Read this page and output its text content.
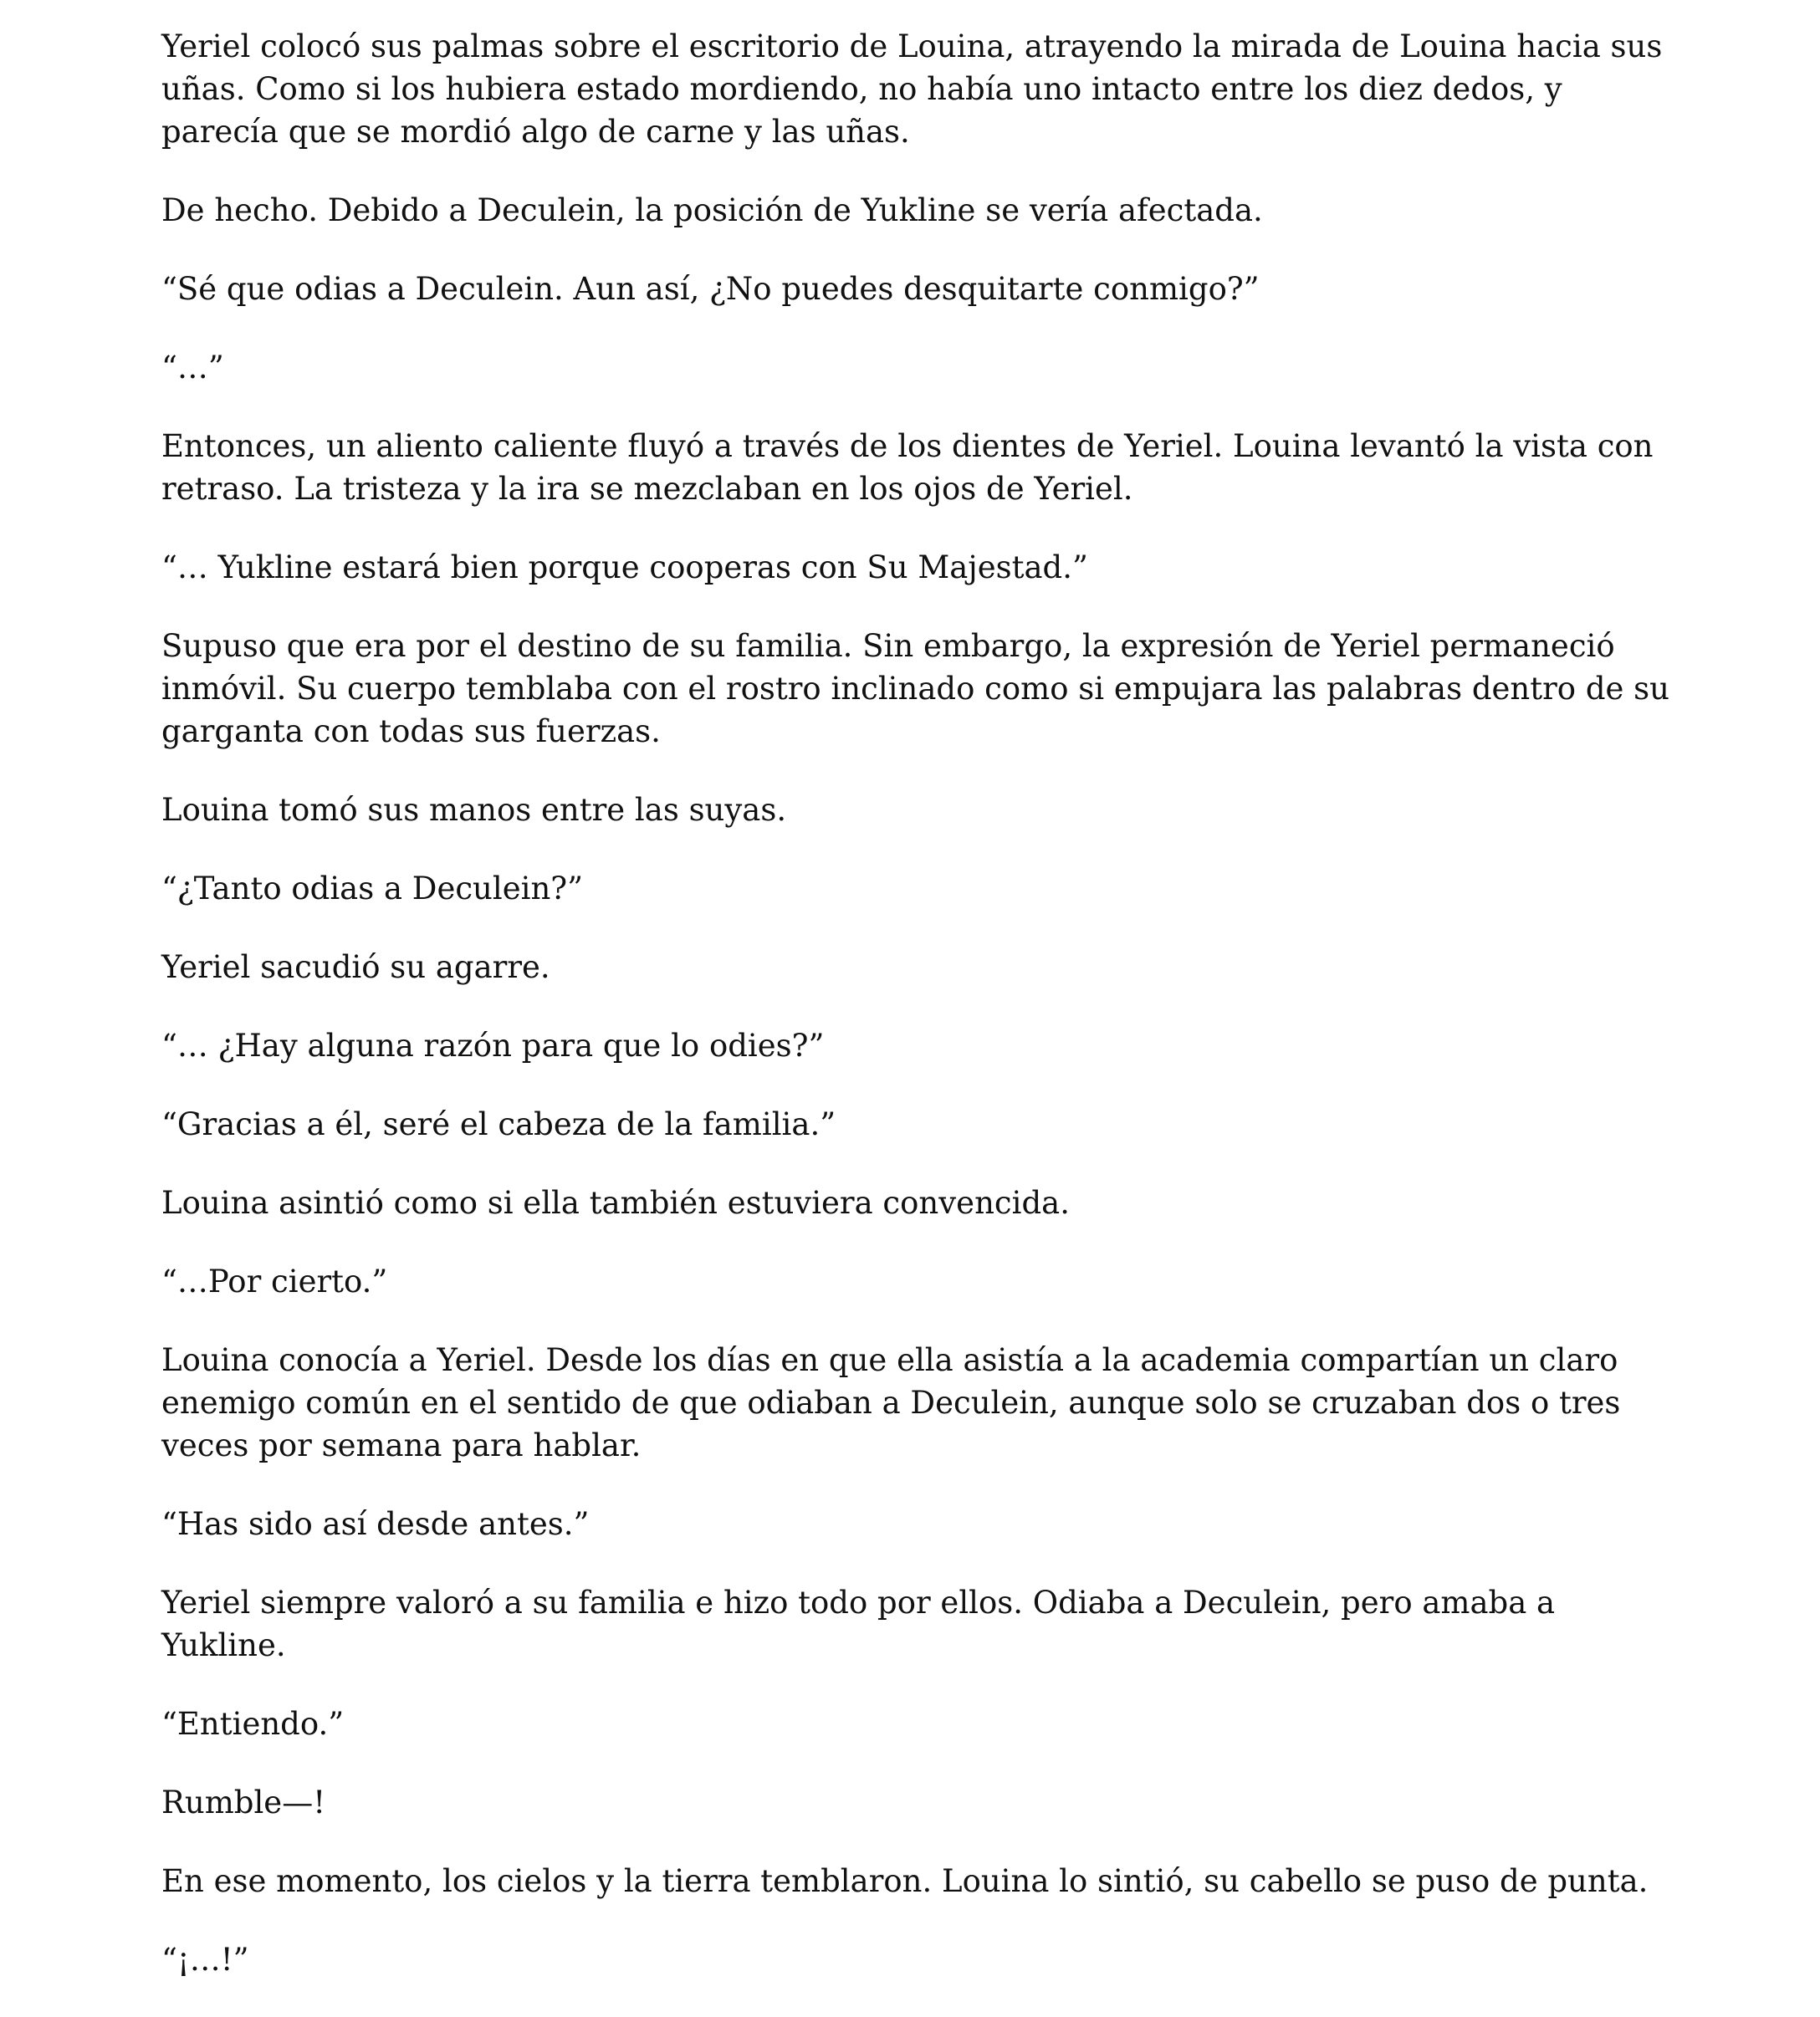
Yeriel colocó sus palmas sobre el escritorio de Louina, atrayendo la mirada de Louina hacia sus uñas. Como si los hubiera estado mordiendo, no había uno intacto entre los diez dedos, y parecía que se mordió algo de carne y las uñas.

De hecho. Debido a Deculein, la posición de Yukline se vería afectada.

“Sé que odias a Deculein. Aun así, ¿No puedes desquitarte conmigo?”

“…”

Entonces, un aliento caliente fluyó a través de los dientes de Yeriel. Louina levantó la vista con retraso. La tristeza y la ira se mezclaban en los ojos de Yeriel.

“… Yukline estará bien porque cooperas con Su Majestad.”

Supuso que era por el destino de su familia. Sin embargo, la expresión de Yeriel permaneció inmóvil. Su cuerpo temblaba con el rostro inclinado como si empujara las palabras dentro de su garganta con todas sus fuerzas.

Louina tomó sus manos entre las suyas.

“¿Tanto odias a Deculein?”

Yeriel sacudió su agarre.

“… ¿Hay alguna razón para que lo odies?”

“Gracias a él, seré el cabeza de la familia.”

Louina asintió como si ella también estuviera convencida.

“…Por cierto.”

Louina conocía a Yeriel. Desde los días en que ella asistía a la academia compartían un claro enemigo común en el sentido de que odiaban a Deculein, aunque solo se cruzaban dos o tres veces por semana para hablar.

“Has sido así desde antes.”

Yeriel siempre valoró a su familia e hizo todo por ellos. Odiaba a Deculein, pero amaba a Yukline.

“Entiendo.”

Rumble—!

En ese momento, los cielos y la tierra temblaron. Louina lo sintió, su cabello se puso de punta.

“¡…!”
